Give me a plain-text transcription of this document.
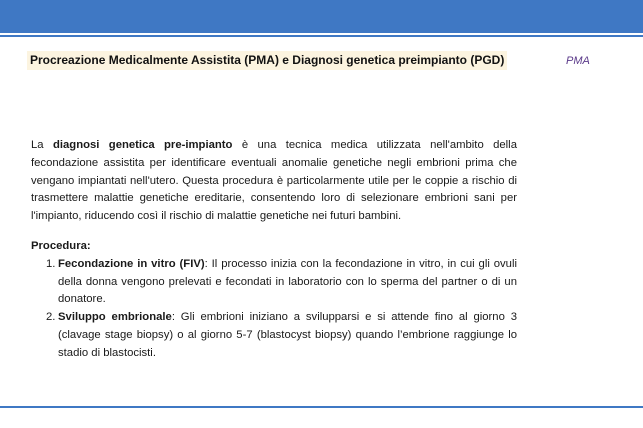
Procreazione Medicalmente Assistita (PMA) e Diagnosi genetica preimpianto (PGD)	PMA

La diagnosi genetica pre-impianto è una tecnica medica utilizzata nell'ambito della fecondazione assistita per identificare eventuali anomalie genetiche negli embrioni prima che vengano impiantati nell'utero. Questa procedura è particolarmente utile per le coppie a rischio di trasmettere malattie genetiche ereditarie, consentendo loro di selezionare embrioni sani per l'impianto, riducendo così il rischio di malattie genetiche nei futuri bambini.

Procedura:
1. Fecondazione in vitro (FIV): Il processo inizia con la fecondazione in vitro, in cui gli ovuli della donna vengono prelevati e fecondati in laboratorio con lo sperma del partner o di un donatore.
2. Sviluppo embrionale: Gli embrioni iniziano a svilupparsi e si attende fino al giorno 3 (clavage stage biopsy) o al giorno 5-7 (blastocyst biopsy) quando l’embrione raggiunge lo stadio di blastocisti.
